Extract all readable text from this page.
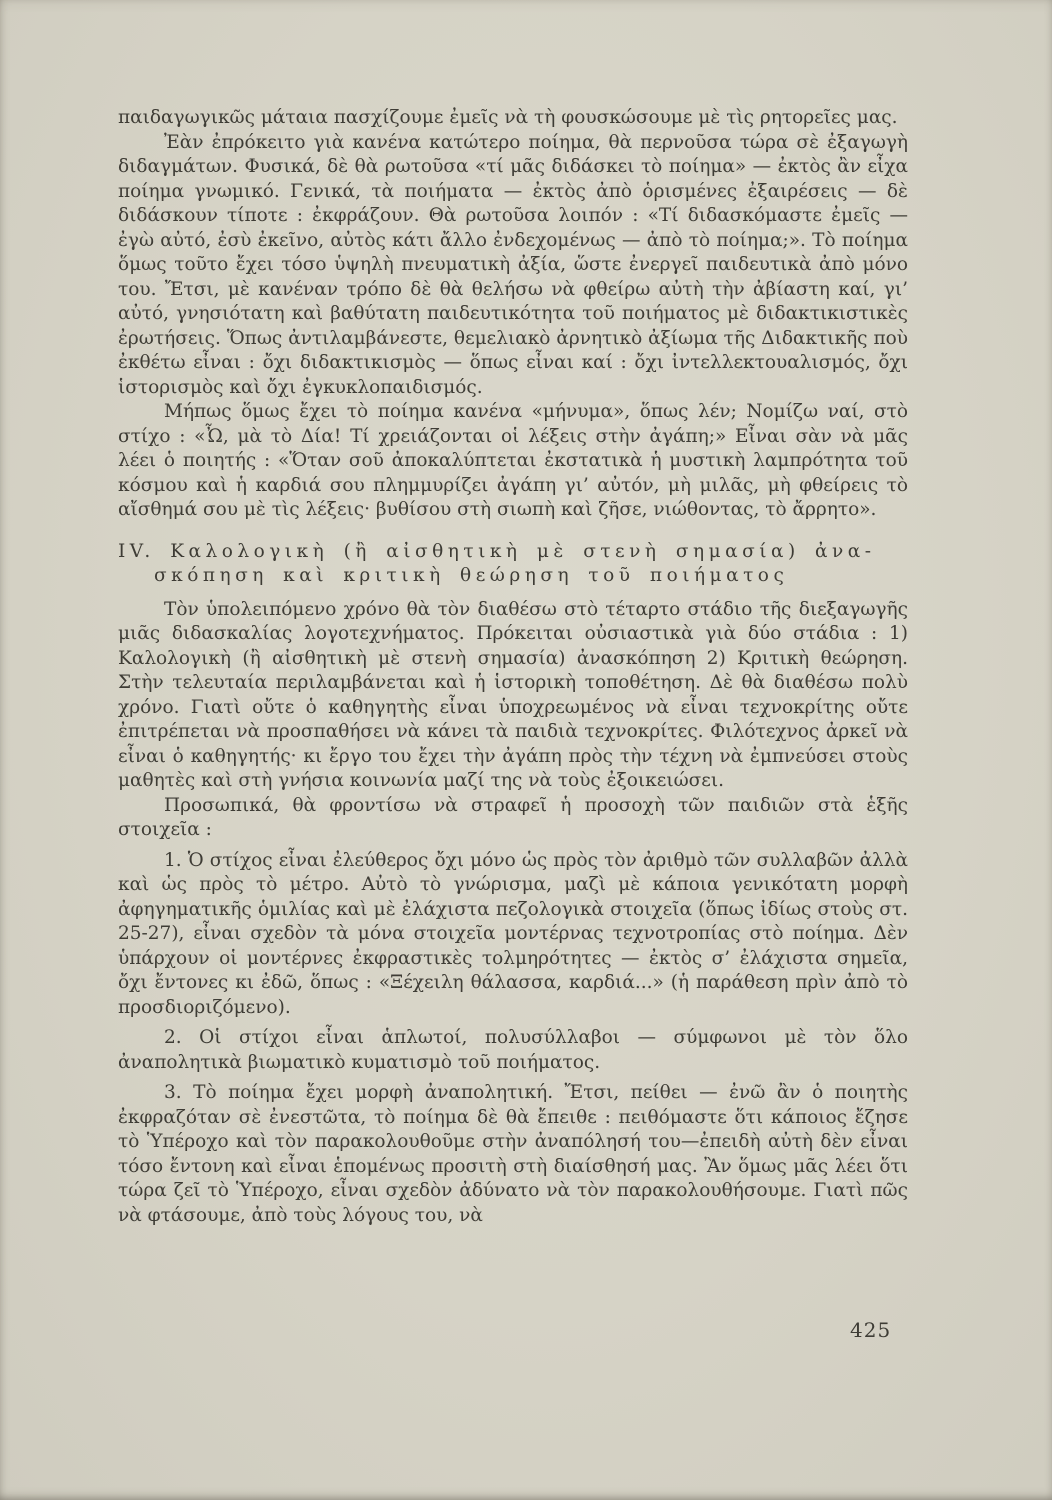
παιδαγωγικῶς μάταια πασχίζουμε ἐμεῖς νὰ τὴ φουσκώσουμε μὲ τὶς ρητορεῖες μας.

Ἐὰν ἐπρόκειτο γιὰ κανένα κατώτερο ποίημα, θὰ περνοῦσα τώρα σὲ ἐξαγωγὴ διδαγμάτων. Φυσικά, δὲ θὰ ρωτοῦσα «τί μᾶς διδάσκει τὸ ποίημα» — ἐκτὸς ἂν εἶχα ποίημα γνωμικό. Γενικά, τὰ ποιήματα — ἐκτὸς ἀπὸ ὁρισμένες ἐξαιρέσεις — δὲ διδάσκουν τίποτε : ἐκφράζουν. Θὰ ρωτοῦσα λοιπόν : «Τί διδασκόμαστε ἐμεῖς — ἐγὼ αὐτό, ἐσὺ ἐκεῖνο, αὐτὸς κάτι ἄλλο ἐνδεχομένως — ἀπὸ τὸ ποίημα;». Τὸ ποίημα ὅμως τοῦτο ἔχει τόσο ὑψηλὴ πνευματικὴ ἀξία, ὥστε ἐνεργεῖ παιδευτικὰ ἀπὸ μόνο του. Ἔτσι, μὲ κανέναν τρόπο δὲ θὰ θελήσω νὰ φθείρω αὐτὴ τὴν ἀβίαστη καί, γι’ αὐτό, γνησιότατη καὶ βαθύτατη παιδευτικότητα τοῦ ποιήματος μὲ διδακτικιστικὲς ἐρωτήσεις. Ὅπως ἀντιλαμβάνεστε, θεμελιακὸ ἀρνητικὸ ἀξίωμα τῆς Διδακτικῆς ποὺ ἐκθέτω εἶναι : ὄχι διδακτικισμὸς — ὅπως εἶναι καί : ὄχι ἰντελλεκτουαλισμός, ὄχι ἱστορισμὸς καὶ ὄχι ἐγκυκλοπαιδισμός.

Μήπως ὅμως ἔχει τὸ ποίημα κανένα «μήνυμα», ὅπως λέν; Νομίζω ναί, στὸ στίχο : «Ὦ, μὰ τὸ Δία! Τί χρειάζονται οἱ λέξεις στὴν ἀγάπη;» Εἶναι σὰν νὰ μᾶς λέει ὁ ποιητής : «Ὅταν σοῦ ἀποκαλύπτεται ἐκστατικὰ ἡ μυστικὴ λαμπρότητα τοῦ κόσμου καὶ ἡ καρδιά σου πλημμυρίζει ἀγάπη γι’ αὐτόν, μὴ μιλᾶς, μὴ φθείρεις τὸ αἴσθημά σου μὲ τὶς λέξεις· βυθίσου στὴ σιωπὴ καὶ ζῆσε, νιώθοντας, τὸ ἄρρητο».

IV. Καλολογικὴ (ἢ αἰσθητικὴ μὲ στενὴ σημασία) ἀνα-
σκόπηση καὶ κριτικὴ θεώρηση τοῦ ποιήματος

Τὸν ὑπολειπόμενο χρόνο θὰ τὸν διαθέσω στὸ τέταρτο στάδιο τῆς διεξαγωγῆς μιᾶς διδασκαλίας λογοτεχνήματος. Πρόκειται οὐσιαστικὰ γιὰ δύο στάδια : 1) Καλολογικὴ (ἢ αἰσθητικὴ μὲ στενὴ σημασία) ἀνασκόπηση 2) Κριτικὴ θεώρηση. Στὴν τελευταία περιλαμβάνεται καὶ ἡ ἱστορικὴ τοποθέτηση. Δὲ θὰ διαθέσω πολὺ χρόνο. Γιατὶ οὔτε ὁ καθηγητὴς εἶναι ὑποχρεωμένος νὰ εἶναι τεχνοκρίτης οὔτε ἐπιτρέπεται νὰ προσπαθήσει νὰ κάνει τὰ παιδιὰ τεχνοκρίτες. Φιλότεχνος ἀρκεῖ νὰ εἶναι ὁ καθηγητής· κι ἔργο του ἔχει τὴν ἀγάπη πρὸς τὴν τέχνη νὰ ἐμπνεύσει στοὺς μαθητὲς καὶ στὴ γνήσια κοινωνία μαζί της νὰ τοὺς ἐξοικειώσει.

Προσωπικά, θὰ φροντίσω νὰ στραφεῖ ἡ προσοχὴ τῶν παιδιῶν στὰ ἑξῆς στοιχεῖα :

1. Ὁ στίχος εἶναι ἐλεύθερος ὄχι μόνο ὡς πρὸς τὸν ἀριθμὸ τῶν συλλαβῶν ἀλλὰ καὶ ὡς πρὸς τὸ μέτρο. Αὐτὸ τὸ γνώρισμα, μαζὶ μὲ κάποια γενικότατη μορφὴ ἀφηγηματικῆς ὁμιλίας καὶ μὲ ἐλάχιστα πεζολογικὰ στοιχεῖα (ὅπως ἰδίως στοὺς στ. 25-27), εἶναι σχεδὸν τὰ μόνα στοιχεῖα μοντέρνας τεχνοτροπίας στὸ ποίημα. Δὲν ὑπάρχουν οἱ μοντέρνες ἐκφραστικὲς τολμηρότητες — ἐκτὸς σ’ ἐλάχιστα σημεῖα, ὄχι ἔντονες κι ἐδῶ, ὅπως : «Ξέχειλη θάλασσα, καρδιά...» (ἡ παράθεση πρὶν ἀπὸ τὸ προσδιοριζόμενο).

2. Οἱ στίχοι εἶναι ἁπλωτοί, πολυσύλλαβοι — σύμφωνοι μὲ τὸν ὅλο ἀναπολητικὰ βιωματικὸ κυματισμὸ τοῦ ποιήματος.

3. Τὸ ποίημα ἔχει μορφὴ ἀναπολητική. Ἔτσι, πείθει — ἐνῶ ἂν ὁ ποιητὴς ἐκφραζόταν σὲ ἐνεστῶτα, τὸ ποίημα δὲ θὰ ἔπειθε : πειθόμαστε ὅτι κάποιος ἔζησε τὸ Ὑπέροχο καὶ τὸν παρακολουθοῦμε στὴν ἀναπόλησή του—ἐπειδὴ αὐτὴ δὲν εἶναι τόσο ἔντονη καὶ εἶναι ἑπομένως προσιτὴ στὴ διαίσθησή μας. Ἂν ὅμως μᾶς λέει ὅτι τώρα ζεῖ τὸ Ὑπέροχο, εἶναι σχεδὸν ἀδύνατο νὰ τὸν παρακολουθήσουμε. Γιατὶ πῶς νὰ φτάσουμε, ἀπὸ τοὺς λόγους του, νὰ

425
